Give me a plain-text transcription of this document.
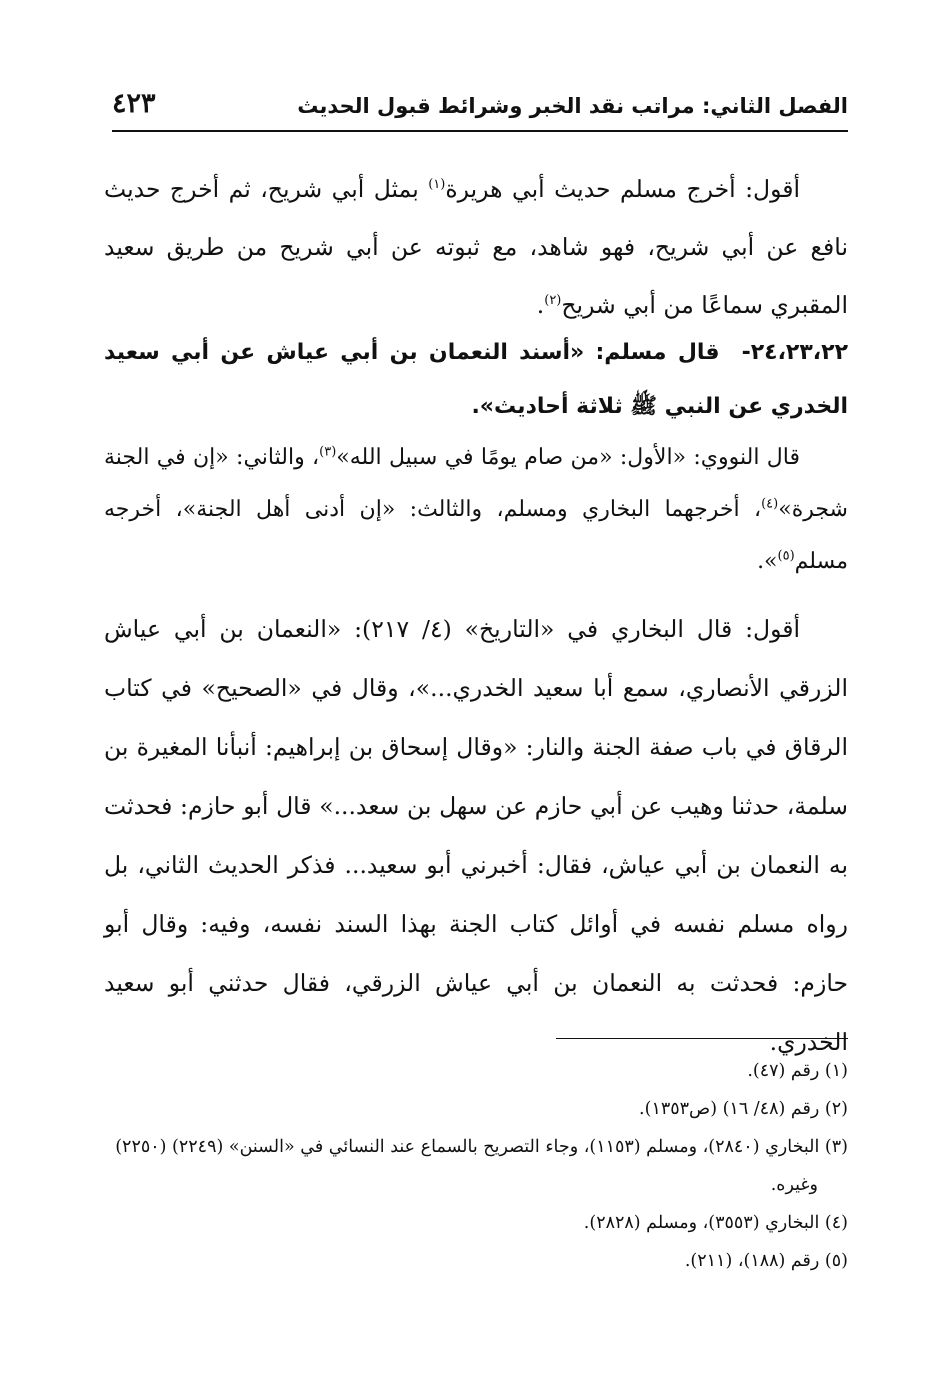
الفصل الثاني: مراتب نقد الخبر وشرائط قبول الحديث
٤٢٣
أقول: أخرج مسلم حديث أبي هريرة$^{(١)}$ بمثل أبي شريح، ثم أخرج حديث نافع عن أبي شريح، فهو شاهد، مع ثبوته عن أبي شريح من طريق سعيد المقبري سماعًا من أبي شريح$^{(٢)}$.
٢٤،٢٣،٢٢-قال مسلم: «أسند النعمان بن أبي عياش عن أبي سعيد الخدري عن النبي ﷺ ثلاثة أحاديث».
قال النووي: «الأول: «من صام يومًا في سبيل الله»$^{(٣)}$، والثاني: «إن في الجنة شجرة»$^{(٤)}$، أخرجهما البخاري ومسلم، والثالث: «إن أدنى أهل الجنة»، أخرجه مسلم$^{(٥)}$».
أقول: قال البخاري في «التاريخ» (٤/ ٢١٧): «النعمان بن أبي عياش الزرقي الأنصاري، سمع أبا سعيد الخدري...»، وقال في «الصحيح» في كتاب الرقاق في باب صفة الجنة والنار: «وقال إسحاق بن إبراهيم: أنبأنا المغيرة بن سلمة، حدثنا وهيب عن أبي حازم عن سهل بن سعد...» قال أبو حازم: فحدثت به النعمان بن أبي عياش، فقال: أخبرني أبو سعيد... فذكر الحديث الثاني، بل رواه مسلم نفسه في أوائل كتاب الجنة بهذا السند نفسه، وفيه: وقال أبو حازم: فحدثت به النعمان بن أبي عياش الزرقي، فقال حدثني أبو سعيد الخدري.
(١) رقم (٤٧).
(٢) رقم (٤٨/ ١٦) (ص١٣٥٣).
(٣) البخاري (٢٨٤٠)، ومسلم (١١٥٣)، وجاء التصريح بالسماع عند النسائي في «السنن» (٢٢٤٩) (٢٢٥٠)
وغيره.
(٤) البخاري (٣٥٥٣)، ومسلم (٢٨٢٨).
(٥) رقم (١٨٨)، (٢١١).
